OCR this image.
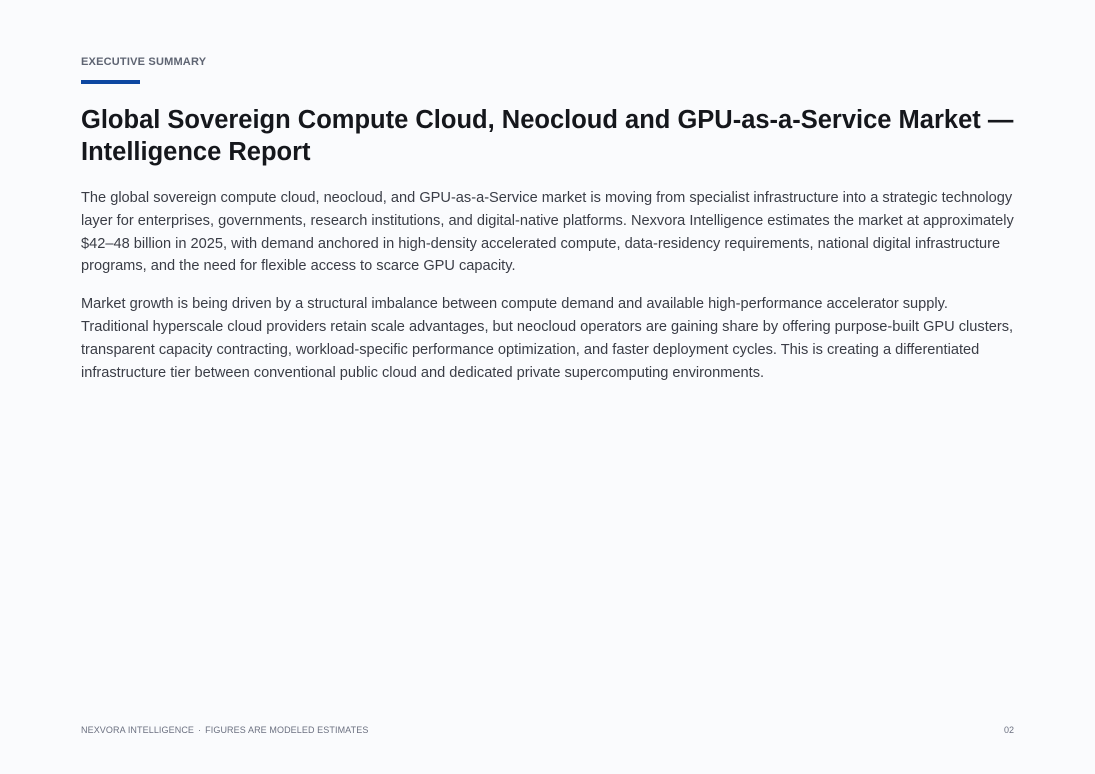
EXECUTIVE SUMMARY
Global Sovereign Compute Cloud, Neocloud and GPU-as-a-Service Market — Intelligence Report

The global sovereign compute cloud, neocloud, and GPU-as-a-Service market is moving from specialist infrastructure into a strategic technology layer for enterprises, governments, research institutions, and digital-native platforms. Nexvora Intelligence estimates the market at approximately $42–48 billion in 2025, with demand anchored in high-density accelerated compute, data-residency requirements, national digital infrastructure programs, and the need for flexible access to scarce GPU capacity.

Market growth is being driven by a structural imbalance between compute demand and available high-performance accelerator supply. Traditional hyperscale cloud providers retain scale advantages, but neocloud operators are gaining share by offering purpose-built GPU clusters, transparent capacity contracting, workload-specific performance optimization, and faster deployment cycles. This is creating a differentiated infrastructure tier between conventional public cloud and dedicated private supercomputing environments.

NEXVORA INTELLIGENCE · FIGURES ARE MODELED ESTIMATES	02
